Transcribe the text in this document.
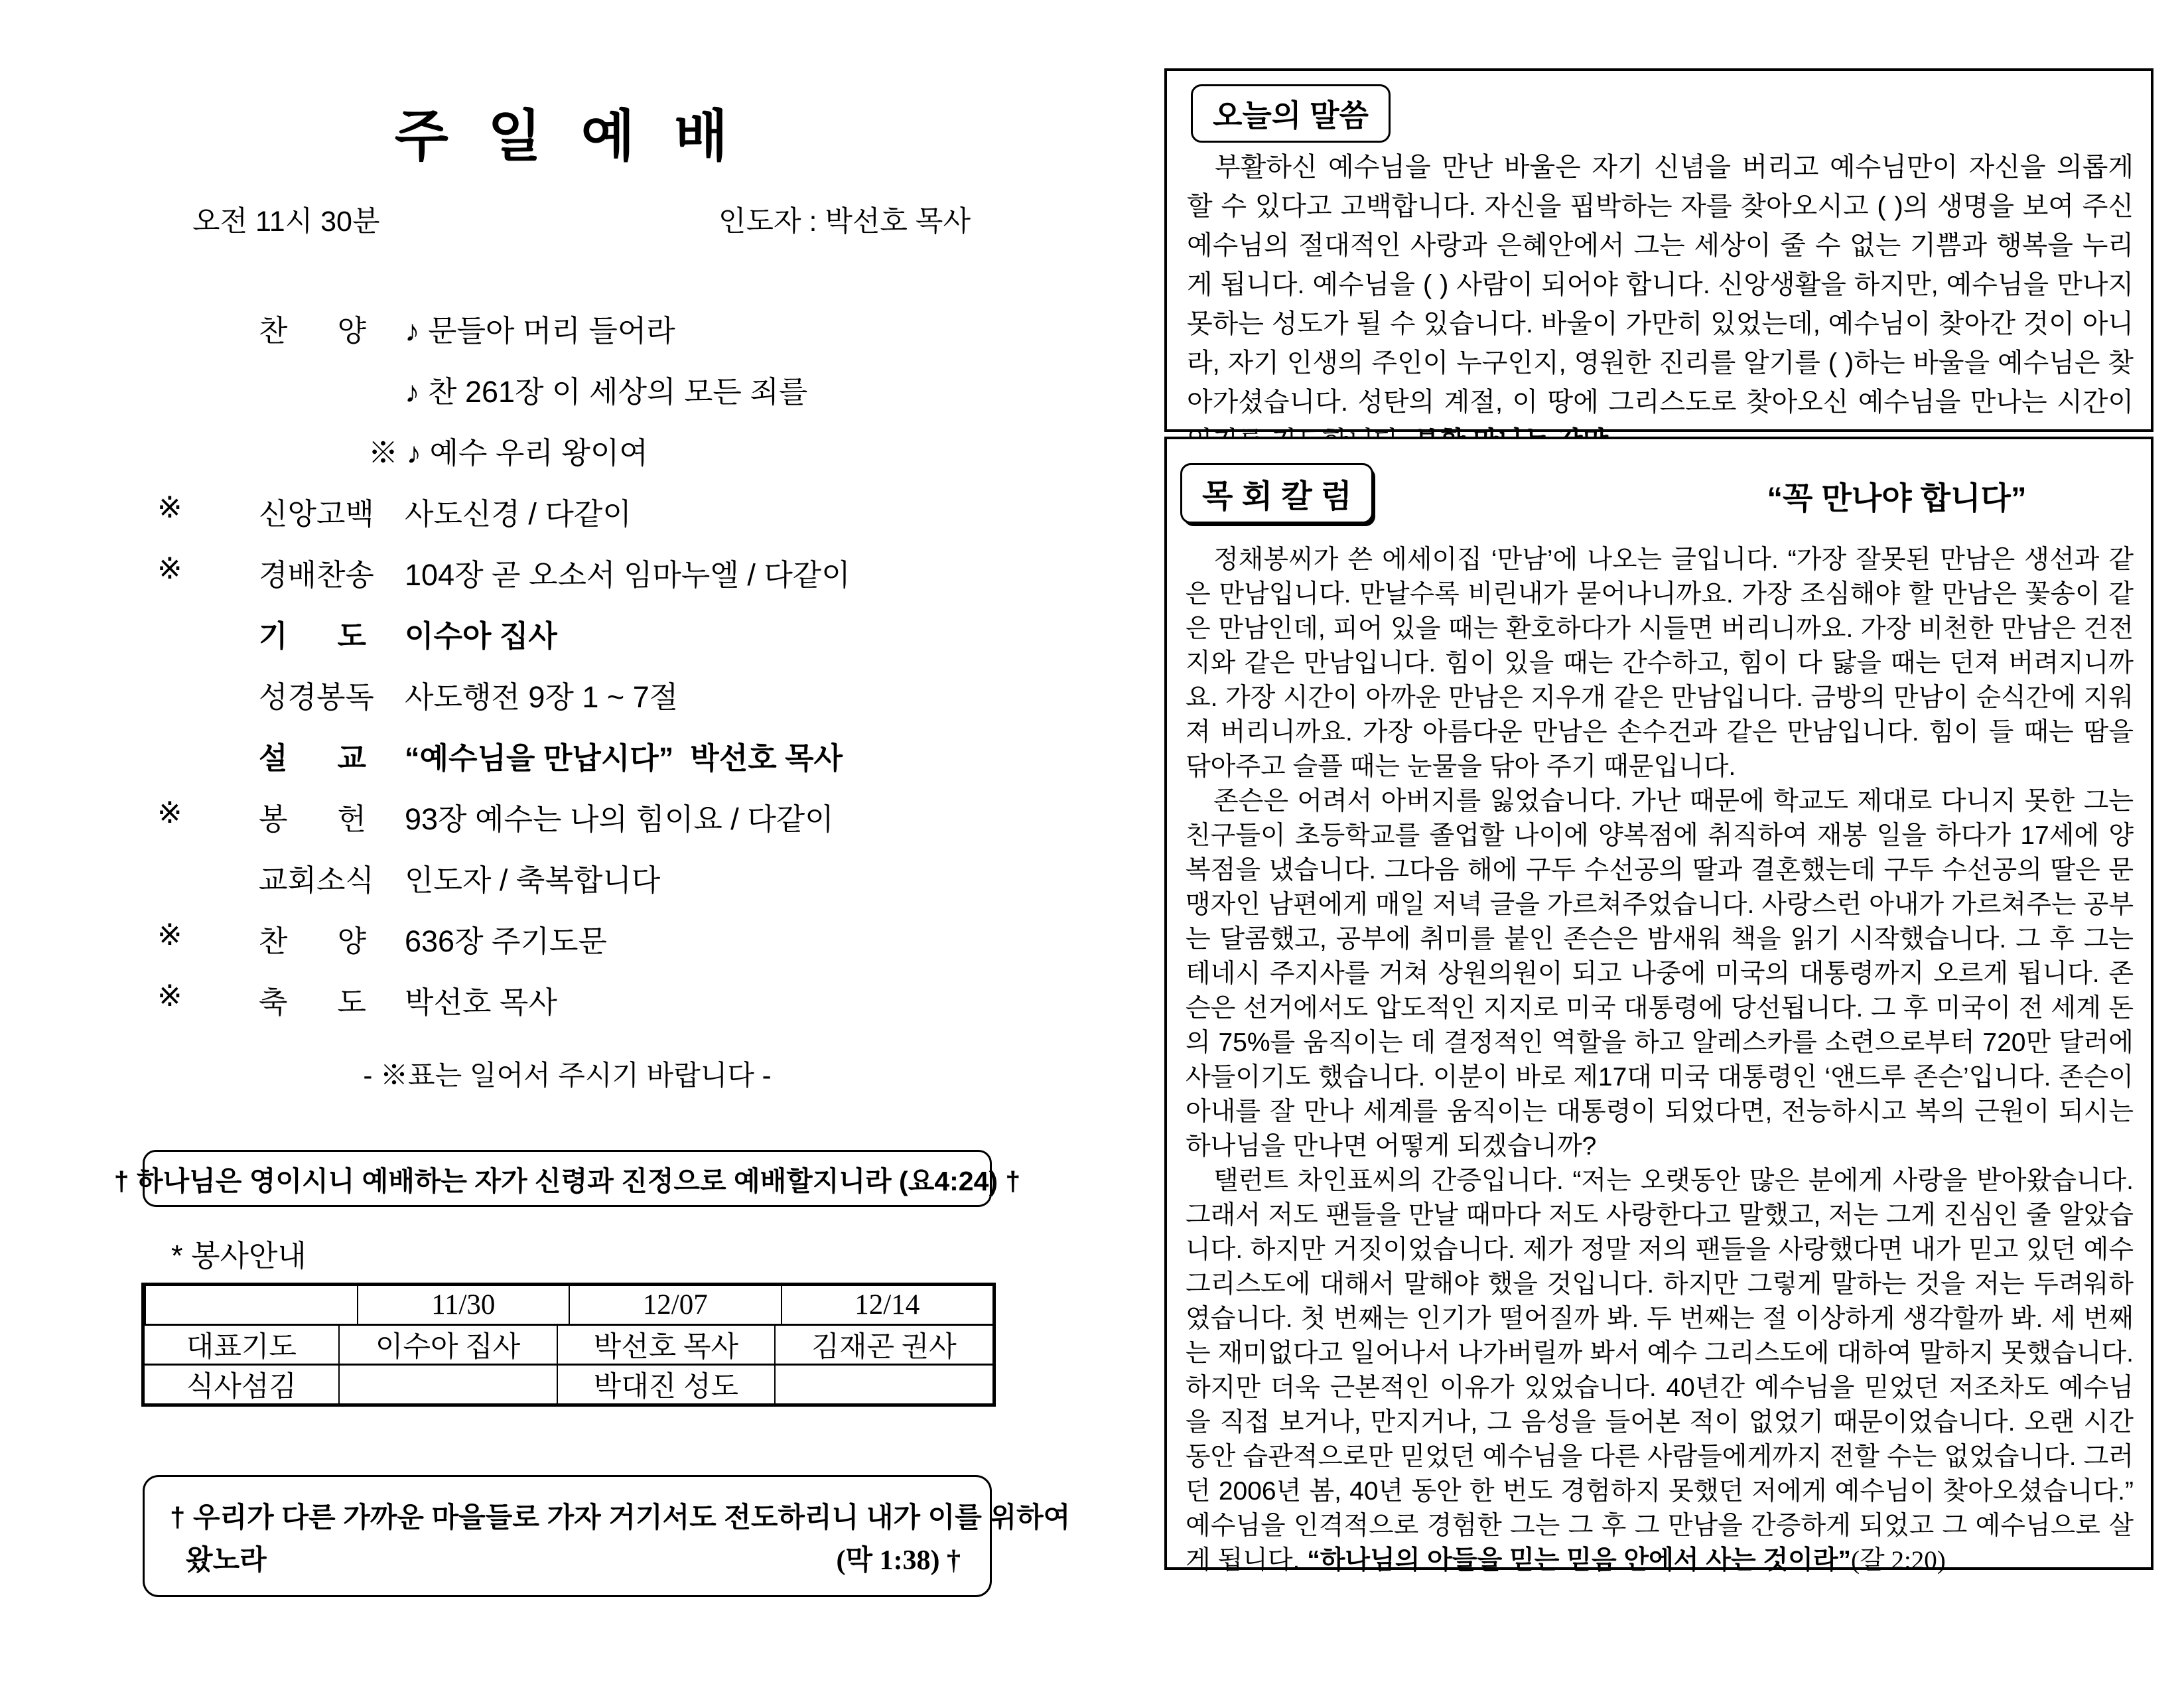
주 일 예 배
오전 11시 30분	인도자 : 박선호 목사
찬      양 ♪ 문들아 머리 들어라
♪ 찬 261장 이 세상의 모든 죄를
※ ♪ 예수 우리 왕이여
※	신앙고백 사도신경 / 다같이
※	경배찬송 104장 곧 오소서 임마누엘 / 다같이
기      도 이수아 집사
성경봉독 사도행전 9장 1 ~ 7절
설      교 “예수님을 만납시다”  박선호 목사
※	봉      헌 93장 예수는 나의 힘이요 / 다같이
교회소식 인도자 / 축복합니다
※	찬      양 636장 주기도문
※	축      도 박선호 목사
- ※표는 일어서 주시기 바랍니다 -
† 하나님은 영이시니 예배하는 자가 신령과 진정으로 예배할지니라 (요4:24) †
* 봉사안내
11/30	12/07	12/14
대표기도	이수아 집사	박선호 목사	김재곤 권사
식사섬김	박대진 성도
† 우리가 다른 가까운 마을들로 가자 거기서도 전도하리니 내가 이를 위하여
왔노라	(막 1:38) †
오늘의 말씀

부활하신 예수님을 만난 바울은 자기 신념을 버리고 예수님만이 자신을 의롭게 할 수 있다고 고백합니다. 자신을 핍박하는 자를 찾아오시고 ( )의 생명을 보여 주신 예수님의 절대적인 사랑과 은혜안에서 그는 세상이 줄 수 없는 기쁨과 행복을 누리게 됩니다. 예수님을 ( ) 사람이 되어야 합니다. 신앙생활을 하지만, 예수님을 만나지 못하는 성도가 될 수 있습니다. 바울이 가만히 있었는데, 예수님이 찾아간 것이 아니라, 자기 인생의 주인이 누구인지, 영원한 진리를 알기를 ( )하는 바울을 예수님은 찾아가셨습니다. 성탄의 계절, 이 땅에 그리스도로 찾아오신 예수님을 만나는 시간이

목 회 칼 럼	“꼭 만나야 합니다”

정채봉씨가 쓴 에세이집 ‘만남’에 나오는 글입니다. “가장 잘못된 만남은 생선과 같은 만남입니다. 만날수록 비린내가 묻어나니까요. 가장 조심해야 할 만남은 꽃송이 같은 만남인데, 피어 있을 때는 환호하다가 시들면 버리니까요. 가장 비천한 만남은 건전지와 같은 만남입니다. 힘이 있을 때는 간수하고, 힘이 다 닳을 때는 던져 버려지니까요. 가장 시간이 아까운 만남은 지우개 같은 만남입니다. 금방의 만남이 순식간에 지워져 버리니까요. 가장 아름다운 만남은 손수건과 같은 만남입니다. 힘이 들 때는 땀을 닦아주고 슬플 때는 눈물을 닦아 주기 때문입니다.

존슨은 어려서 아버지를 잃었습니다. 가난 때문에 학교도 제대로 다니지 못한 그는 친구들이 초등학교를 졸업할 나이에 양복점에 취직하여 재봉 일을 하다가 17세에 양복점을 냈습니다. 그다음 해에 구두 수선공의 딸과 결혼했는데 구두 수선공의 딸은 문맹자인 남편에게 매일 저녁 글을 가르쳐주었습니다. 사랑스런 아내가 가르쳐주는 공부는 달콤했고, 공부에 취미를 붙인 존슨은 밤새워 책을 읽기 시작했습니다. 그 후 그는 테네시 주지사를 거쳐 상원의원이 되고 나중에 미국의 대통령까지 오르게 됩니다. 존슨은 선거에서도 압도적인 지지로 미국 대통령에 당선됩니다. 그 후 미국이 전 세계 돈의 75%를 움직이는 데 결정적인 역할을 하고 알레스카를 소련으로부터 720만 달러에 사들이기도 했습니다. 이분이 바로 제17대 미국 대통령인 ‘앤드루 존슨’입니다. 존슨이 아내를 잘 만나 세계를 움직이는 대통령이 되었다면, 전능하시고 복의 근원이 되시는 하나님을 만나면 어떻게 되겠습니까?

탤런트 차인표씨의 간증입니다. “저는 오랫동안 많은 분에게 사랑을 받아왔습니다. 그래서 저도 팬들을 만날 때마다 저도 사랑한다고 말했고, 저는 그게 진심인 줄 알았습니다. 하지만 거짓이었습니다. 제가 정말 저의 팬들을 사랑했다면 내가 믿고 있던 예수 그리스도에 대해서 말해야 했을 것입니다. 하지만 그렇게 말하는 것을 저는 두려워하였습니다. 첫 번째는 인기가 떨어질까 봐. 두 번째는 절 이상하게 생각할까 봐. 세 번째는 재미없다고 일어나서 나가버릴까 봐서 예수 그리스도에 대하여 말하지 못했습니다. 하지만 더욱 근본적인 이유가 있었습니다. 40년간 예수님을 믿었던 저조차도 예수님을 직접 보거나, 만지거나, 그 음성을 들어본 적이 없었기 때문이었습니다. 오랜 시간 동안 습관적으로만 믿었던 예수님을 다른 사람들에게까지 전할 수는 없었습니다. 그러던 2006년 봄, 40년 동안 한 번도 경험하지 못했던 저에게 예수님이 찾아오셨습니다.” 예수님을 인격적으로 경험한 그는 그 후 그 만남을 간증하게 되었고 그 예수님으로 살게 됩니다. “하나님의 아들을 믿는 믿음 안에서 사는 것이라”(갈 2:20)
